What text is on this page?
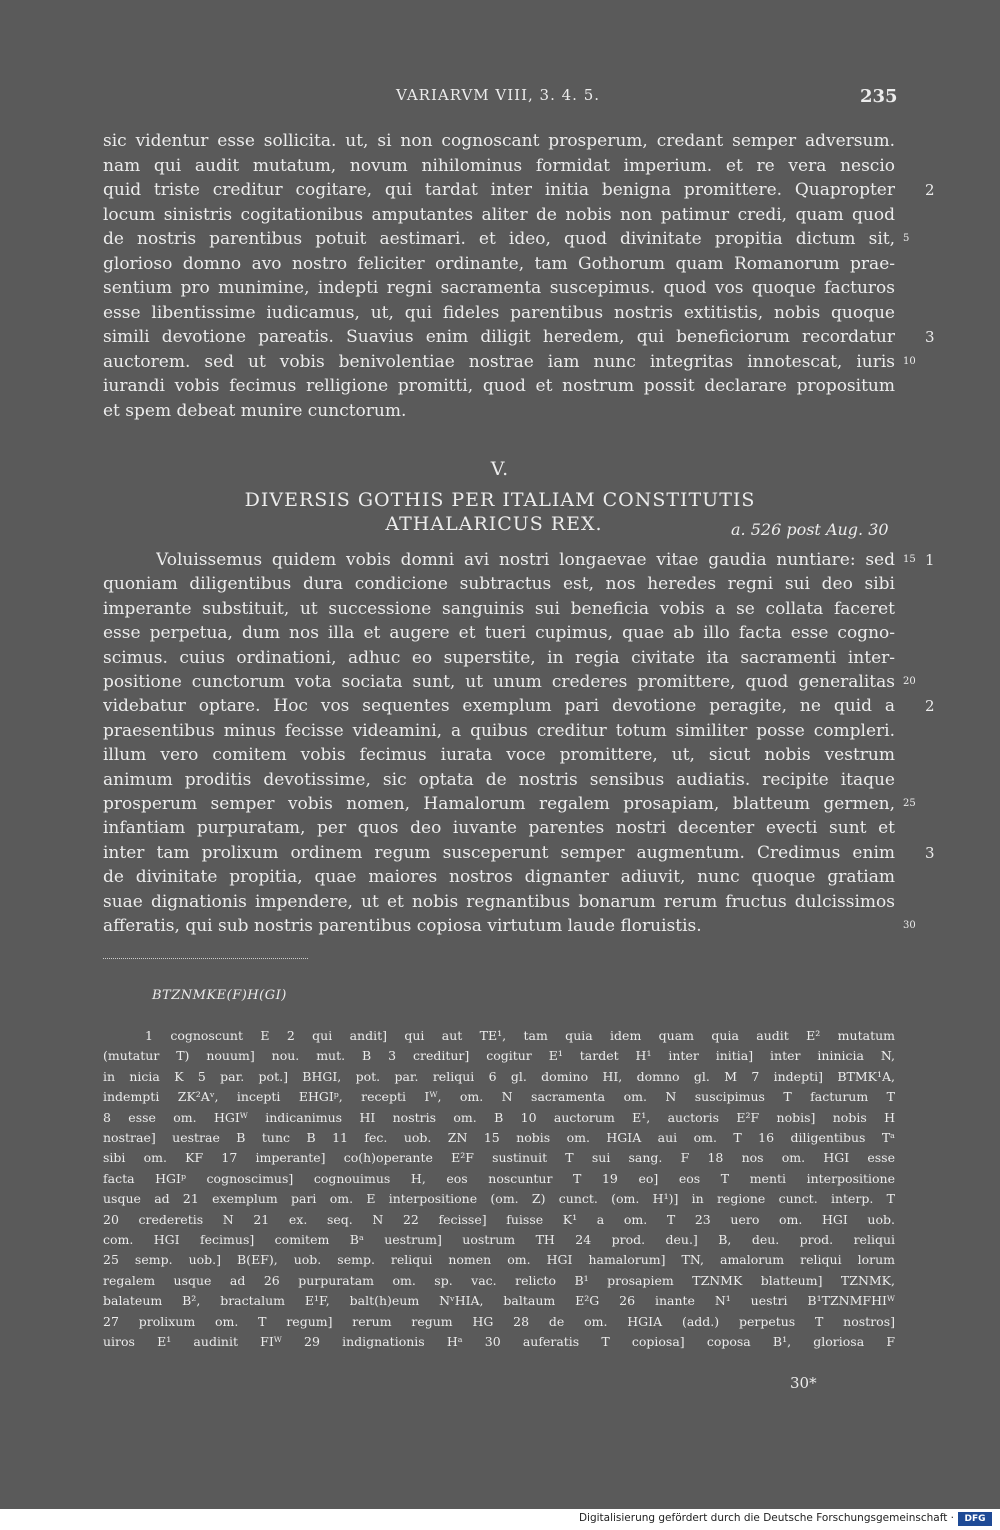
VARIARVM VIII, 3. 4. 5.	235
sic videntur esse sollicita. ut, si non cognoscant prosperum, credant semper adversum.
nam qui audit mutatum, novum nihilominus formidat imperium. et re vera nescio
quid triste creditur cogitare, qui tardat inter initia benigna promittere. Quapropter
locum sinistris cogitationibus amputantes aliter de nobis non patimur credi, quam quod
de nostris parentibus potuit aestimari. et ideo, quod divinitate propitia dictum sit,
glorioso domno avo nostro feliciter ordinante, tam Gothorum quam Romanorum prae-
sentium pro munimine, indepti regni sacramenta suscepimus. quod vos quoque facturos
esse libentissime iudicamus, ut, qui fideles parentibus nostris extitistis, nobis quoque
simili devotione pareatis. Suavius enim diligit heredem, qui beneficiorum recordatur
auctorem. sed ut vobis benivolentiae nostrae iam nunc integritas innotescat, iuris
iurandi vobis fecimus relligione promitti, quod et nostrum possit declarare propositum
et spem debeat munire cunctorum.
2
5
3
10
V.
DIVERSIS GOTHIS PER ITALIAM CONSTITUTIS
ATHALARICUS REX.	a. 526 post Aug. 30
Voluissemus quidem vobis domni avi nostri longaevae vitae gaudia nuntiare: sed
quoniam diligentibus dura condicione subtractus est, nos heredes regni sui deo sibi
imperante substituit, ut successione sanguinis sui beneficia vobis a se collata faceret
esse perpetua, dum nos illa et augere et tueri cupimus, quae ab illo facta esse cogno-
scimus. cuius ordinationi, adhuc eo superstite, in regia civitate ita sacramenti inter-
positione cunctorum vota sociata sunt, ut unum crederes promittere, quod generalitas
videbatur optare. Hoc vos sequentes exemplum pari devotione peragite, ne quid a
praesentibus minus fecisse videamini, a quibus creditur totum similiter posse compleri.
illum vero comitem vobis fecimus iurata voce promittere, ut, sicut nobis vestrum
animum proditis devotissime, sic optata de nostris sensibus audiatis. recipite itaque
prosperum semper vobis nomen, Hamalorum regalem prosapiam, blatteum germen,
infantiam purpuratam, per quos deo iuvante parentes nostri decenter evecti sunt et
inter tam prolixum ordinem regum susceperunt semper augmentum. Credimus enim
de divinitate propitia, quae maiores nostros dignanter adiuvit, nunc quoque gratiam
suae dignationis impendere, ut et nobis regnantibus bonarum rerum fructus dulcissimos
afferatis, qui sub nostris parentibus copiosa virtutum laude floruistis.
15 1
20
2
25
3
30
BTZNMKE(F)H(GI)
1 cognoscunt E 2 qui andit] qui aut TE¹, tam quia idem quam quia audit E² mutatum
(mutatur T) nouum] nou. mut. B 3 creditur] cogitur E¹ tardet H¹ inter initia] inter ininicia N,
in nicia K 5 par. pot.] BHGI, pot. par. reliqui 6 gl. domino HI, domno gl. M 7 indepti] BTMK¹A,
indempti ZK²Aᵛ, incepti EHGIᵖ, recepti Iᵂ, om. N sacramenta om. N suscipimus T facturum T
8 esse om. HGIᵂ indicanimus HI nostris om. B 10 auctorum E¹, auctoris E²F nobis] nobis H
nostrae] uestrae B tunc B 11 fec. uob. ZN 15 nobis om. HGIA aui om. T 16 diligentibus Tᵃ
sibi om. KF 17 imperante] co(h)operante E²F sustinuit T sui sang. F 18 nos om. HGI esse
facta HGIᵖ cognoscimus] cognouimus H, eos noscuntur T 19 eo] eos T menti interpositione
usque ad 21 exemplum pari om. E interpositione (om. Z) cunct. (om. H¹)] in regione cunct. interp. T
20 crederetis N 21 ex. seq. N 22 fecisse] fuisse K¹ a om. T 23 uero om. HGI uob.
com. HGI fecimus] comitem Bᵃ uestrum] uostrum TH 24 prod. deu.] B, deu. prod. reliqui
25 semp. uob.] B(EF), uob. semp. reliqui nomen om. HGI hamalorum] TN, amalorum reliqui lorum
regalem usque ad 26 purpuratam om. sp. vac. relicto B¹ prosapiem TZNMK blatteum] TZNMK,
balateum B², bractalum E¹F, balt(h)eum NᵛHIA, baltaum E²G 26 inante N¹ uestri B¹TZNMFHIᵂ
27 prolixum om. T regum] rerum regum HG 28 de om. HGIA (add.) perpetus T nostros]
uiros E¹ audinit FIᵂ 29 indignationis Hᵃ 30 auferatis T copiosa] coposa B¹, gloriosa F
30*
Digitalisierung gefördert durch die Deutsche Forschungsgemeinschaft ·	DFG
